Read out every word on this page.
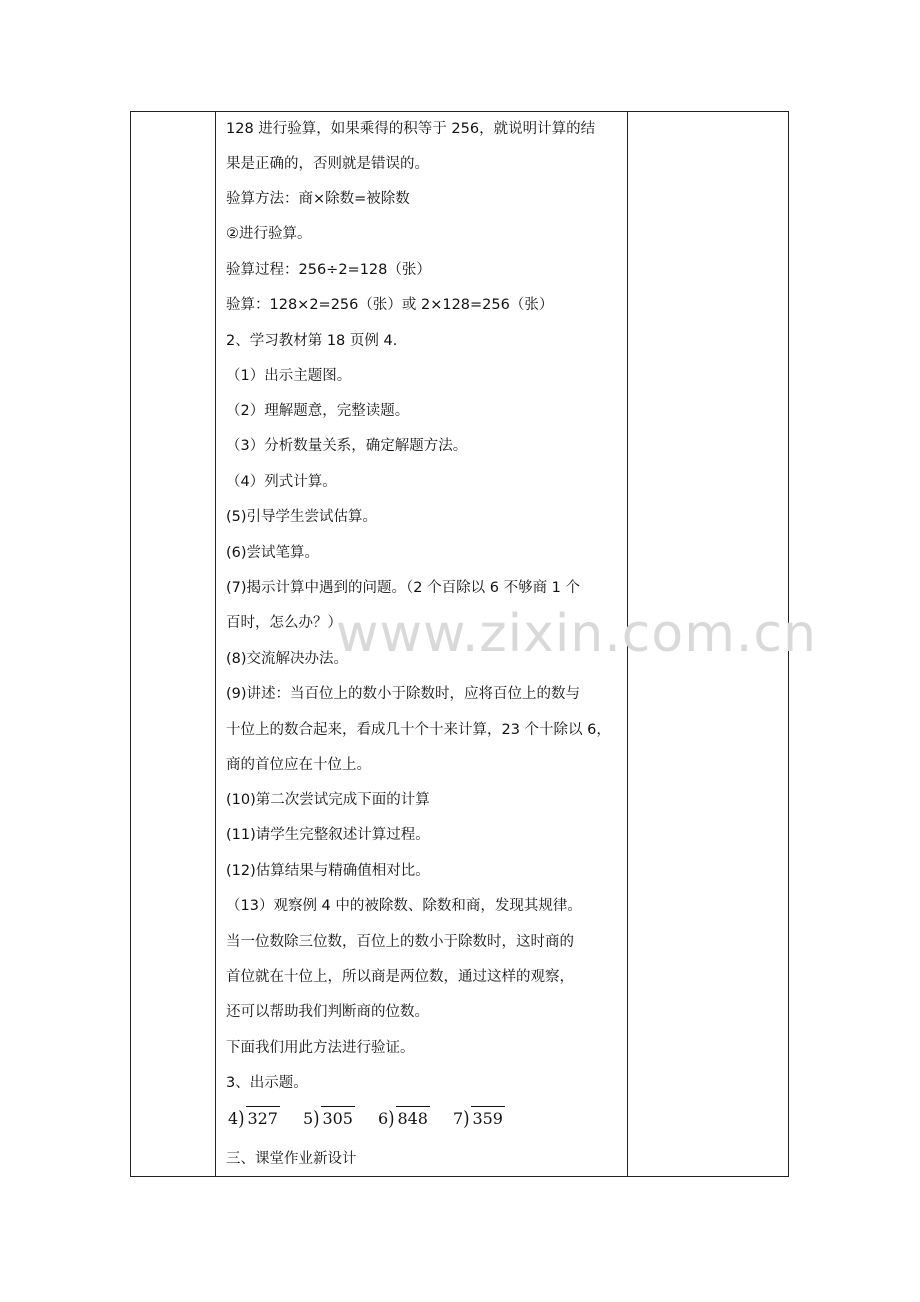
128 进行验算，如果乘得的积等于 256，就说明计算的结
果是正确的，否则就是错误的。
验算方法：商×除数=被除数
②进行验算。
验算过程：256÷2=128（张）
验算：128×2=256（张）或 2×128=256（张）
2、学习教材第 18 页例 4.
（1）出示主题图。
（2）理解题意，完整读题。
（3）分析数量关系，确定解题方法。
（4）列式计算。
(5)引导学生尝试估算。
(6)尝试笔算。
(7)揭示计算中遇到的问题。（2 个百除以 6 不够商 1 个
百时，怎么办？）
(8)交流解决办法。
(9)讲述：当百位上的数小于除数时，应将百位上的数与
十位上的数合起来，看成几十个十来计算，23 个十除以 6，
商的首位应在十位上。
(10)第二次尝试完成下面的计算
(11)请学生完整叙述计算过程。
(12)估算结果与精确值相对比。
（13）观察例 4 中的被除数、除数和商，发现其规律。
当一位数除三位数，百位上的数小于除数时，这时商的
首位就在十位上，所以商是两位数，通过这样的观察，
还可以帮助我们判断商的位数。
下面我们用此方法进行验证。
3、出示题。
4) 327 5) 305 6) 848 7) 359
三、课堂作业新设计
www.zixin.com.cn
